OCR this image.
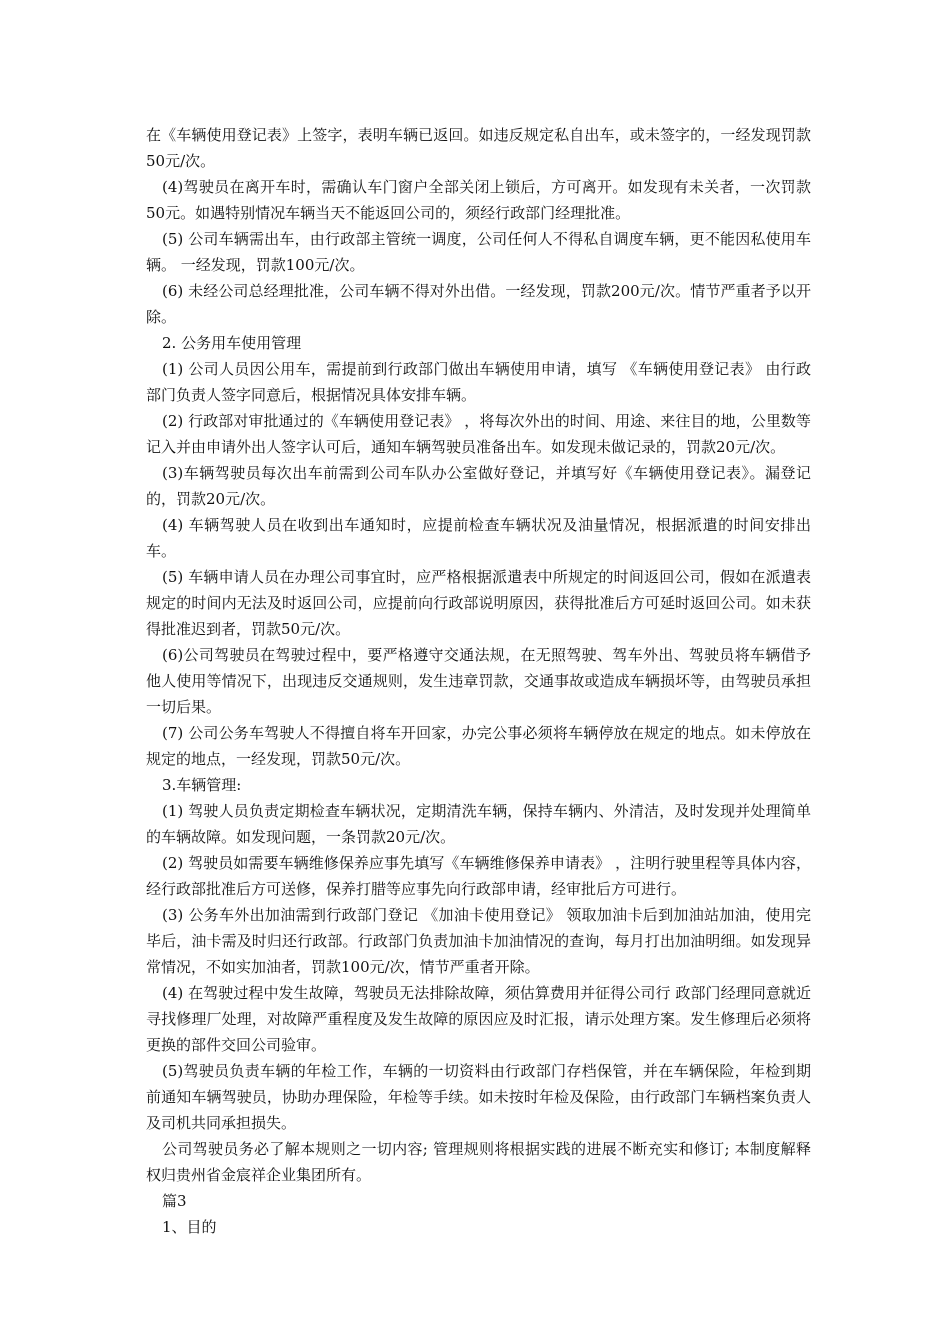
在《车辆使用登记表》上签字，表明车辆已返回。如违反规定私自出车，或未签字的，一经发现罚款50元/次。

(4)驾驶员在离开车时，需确认车门窗户全部关闭上锁后，方可离开。如发现有未关者，一次罚款50元。如遇特别情况车辆当天不能返回公司的，须经行政部门经理批准。

(5) 公司车辆需出车，由行政部主管统一调度，公司任何人不得私自调度车辆，更不能因私使用车辆。 一经发现，罚款100元/次。

(6) 未经公司总经理批准，公司车辆不得对外出借。一经发现，罚款200元/次。情节严重者予以开除。

2. 公务用车使用管理

(1) 公司人员因公用车，需提前到行政部门做出车辆使用申请，填写 《车辆使用登记表》 由行政部门负责人签字同意后，根据情况具体安排车辆。

(2) 行政部对审批通过的《车辆使用登记表》 ，将每次外出的时间、用途、来往目的地，公里数等记入并由申请外出人签字认可后，通知车辆驾驶员准备出车。如发现未做记录的，罚款20元/次。

(3)车辆驾驶员每次出车前需到公司车队办公室做好登记，并填写好《车辆使用登记表》。漏登记的，罚款20元/次。

(4) 车辆驾驶人员在收到出车通知时，应提前检查车辆状况及油量情况，根据派遣的时间安排出车。

(5) 车辆申请人员在办理公司事宜时，应严格根据派遣表中所规定的时间返回公司，假如在派遣表规定的时间内无法及时返回公司，应提前向行政部说明原因，获得批准后方可延时返回公司。如未获得批准迟到者，罚款50元/次。

(6)公司驾驶员在驾驶过程中，要严格遵守交通法规，在无照驾驶、驾车外出、驾驶员将车辆借予他人使用等情况下，出现违反交通规则，发生违章罚款，交通事故或造成车辆损坏等，由驾驶员承担一切后果。

(7) 公司公务车驾驶人不得擅自将车开回家，办完公事必须将车辆停放在规定的地点。如未停放在规定的地点，一经发现，罚款50元/次。

3.车辆管理:

(1) 驾驶人员负责定期检查车辆状况，定期清洗车辆，保持车辆内、外清洁，及时发现并处理简单的车辆故障。如发现问题，一条罚款20元/次。

(2) 驾驶员如需要车辆维修保养应事先填写《车辆维修保养申请表》 ，注明行驶里程等具体内容，经行政部批准后方可送修，保养打腊等应事先向行政部申请，经审批后方可进行。

(3) 公务车外出加油需到行政部门登记 《加油卡使用登记》 领取加油卡后到加油站加油，使用完毕后，油卡需及时归还行政部。行政部门负责加油卡加油情况的查询，每月打出加油明细。如发现异常情况，不如实加油者，罚款100元/次，情节严重者开除。

(4) 在驾驶过程中发生故障，驾驶员无法排除故障，须估算费用并征得公司行 政部门经理同意就近寻找修理厂处理，对故障严重程度及发生故障的原因应及时汇报，请示处理方案。发生修理后必须将更换的部件交回公司验审。

(5)驾驶员负责车辆的年检工作，车辆的一切资料由行政部门存档保管，并在车辆保险，年检到期前通知车辆驾驶员，协助办理保险，年检等手续。如未按时年检及保险，由行政部门车辆档案负责人及司机共同承担损失。

公司驾驶员务必了解本规则之一切内容; 管理规则将根据实践的进展不断充实和修订; 本制度解释权归贵州省金宸祥企业集团所有。

篇3

1、目的
